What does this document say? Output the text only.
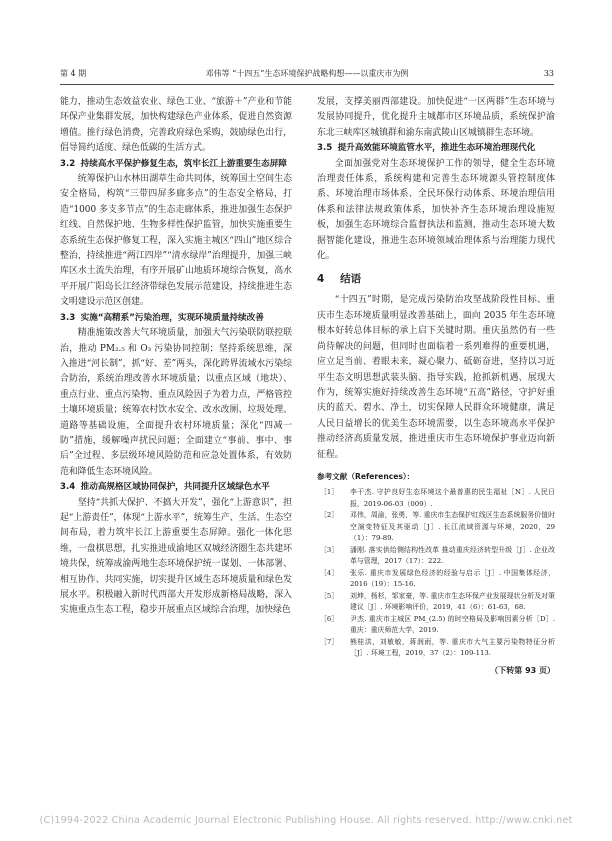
第 4 期	邓伟等 “十四五”生态环境保护战略构想——以重庆市为例	33

能力，推动生态效益农业、绿色工业、“旅游＋”产业和节能环保产业集群发展，加快构建绿色产业体系，促进自然资源增值。推行绿色消费，完善政府绿色采购，鼓励绿色出行，倡导简约适度、绿色低碳的生活方式。

3.2 持续高水平保护修复生态，筑牢长江上游重要生态屏障

统筹保护山水林田湖草生命共同体，统筹国土空间生态安全格局，构筑“三带四屏多廊多点”的生态安全格局，打造“1000 多支多节点”的生态走廊体系，推进加强生态保护红线、自然保护地、生物多样性保护监管，加快实施重要生态系统生态保护修复工程，深入实施主城区“四山”地区综合整治，持续推进“两江四岸”“清水绿岸”治理提升，加强三峡库区水土流失治理，有序开展矿山地质环境综合恢复，高水平开展广阳岛长江经济带绿色发展示范建设，持续推进生态文明建设示范区创建。

3.3 实施“高精系”污染治理，实现环境质量持续改善

精准施策改善大气环境质量，加强大气污染联防联控联治，推动 PM₂.₅ 和 O₃ 污染协同控制；坚持系统思维，深入推进“河长制”，抓“好、差”两头，深化跨界流域水污染综合防治，系统治理改善水环境质量；以重点区域（地块）、重点行业、重点污染物、重点风险因子为着力点，严格管控土壤环境质量；统筹农村饮水安全、改水改厕、垃圾处理、道路等基础设施，全面提升农村环境质量；深化“四减一防”措施，缓解噪声扰民问题；全面建立“事前、事中、事后”全过程、多层级环境风险防范和应急处置体系，有效防范和降低生态环境风险。

3.4 推动高规格区域协同保护，共同提升区域绿色水平

坚持“共抓大保护、不搞大开发”，强化“上游意识”，担起“上游责任”，体现“上游水平”，统筹生产、生活、生态空间布局，着力筑牢长江上游重要生态屏障。强化一体化思维，一盘棋思想，扎实推进成渝地区双城经济圈生态共建环境共保，统筹成渝两地生态环境保护统一谋划、一体部署、相互协作、共同实施，切实提升区域生态环境质量和绿色发展水平。积极融入新时代西部大开发形成新格局战略，深入实施重点生态工程，稳步开展重点区域综合治理，加快绿色

发展，支撑美丽西部建设。加快促进“一区两群”生态环境与发展协同提升，优化提升主城都市区环境品质，系统保护渝东北三峡库区城镇群和渝东南武陵山区城镇群生态环境。

3.5 提升高效能环境监管水平，推进生态环境治理现代化

全面加强党对生态环境保护工作的领导，健全生态环境治理责任体系，系统构建和完善生态环境源头管控制度体系、环境治理市场体系、全民环保行动体系、环境治理信用体系和法律法规政策体系，加快补齐生态环境治理设施短板，加强生态环境综合监督执法和监测，推动生态环境大数据智能化建设，推进生态环境领域治理体系与治理能力现代化。

4 结语

“十四五”时期，是完成污染防治攻坚战阶段性目标、重庆市生态环境质量明显改善基础上，面向 2035 年生态环境根本好转总体目标的承上启下关键时期。重庆虽然仍有一些尚待解决的问题，但同时也面临着一系列难得的重要机遇，应立足当前、着眼未来，凝心聚力、砥砺奋进，坚持以习近平生态文明思想武装头脑、指导实践，抢抓新机遇、展现大作为，统筹实施好持续改善生态环境“五高”路径，守护好重庆的蓝天、碧水、净土，切实保障人民群众环境健康，满足人民日益增长的优美生态环境需要，以生态环境高水平保护推动经济高质量发展，推进重庆市生态环境保护事业迈向新征程。

参考文献（References）：
［1］	李干杰. 守护良好生态环境这个最普惠的民生福祉［N］. 人民日报，2019-06-03（009）.
［2］	邓伟，周渝，张勇，等. 重庆市生态保护红线区生态系统服务价值时空演变特征及其驱动［J］. 长江流域资源与环境，2020，29（1）：79-89.
［3］	潘刚. 落实供给侧结构性改革 推动重庆经济转型升级［J］. 企业改革与管理，2017（17）：222.
［4］	张乐. 重庆市发展绿色经济的经验与启示［J］. 中国集体经济，2016（19）：15-16.
［5］	刘坤，杨杉，邹家豪，等. 重庆市生态环保产业发展现状分析及对策建议［J］. 环境影响评价，2019，41（6）：61-63，68.
［6］	尹杰. 重庆市主城区 PM_(2.5) 的时空格局及影响因素分析［D］. 重庆：重庆师范大学，2019.
［7］	熊桂洪，刘敏敏，蒋润雨，等. 重庆市大气主要污染物特征分析［J］. 环境工程，2019，37（2）：109-113.
（下转第 93 页）
(C)1994-2022 China Academic Journal Electronic Publishing House. All rights reserved. http://www.cnki.net
